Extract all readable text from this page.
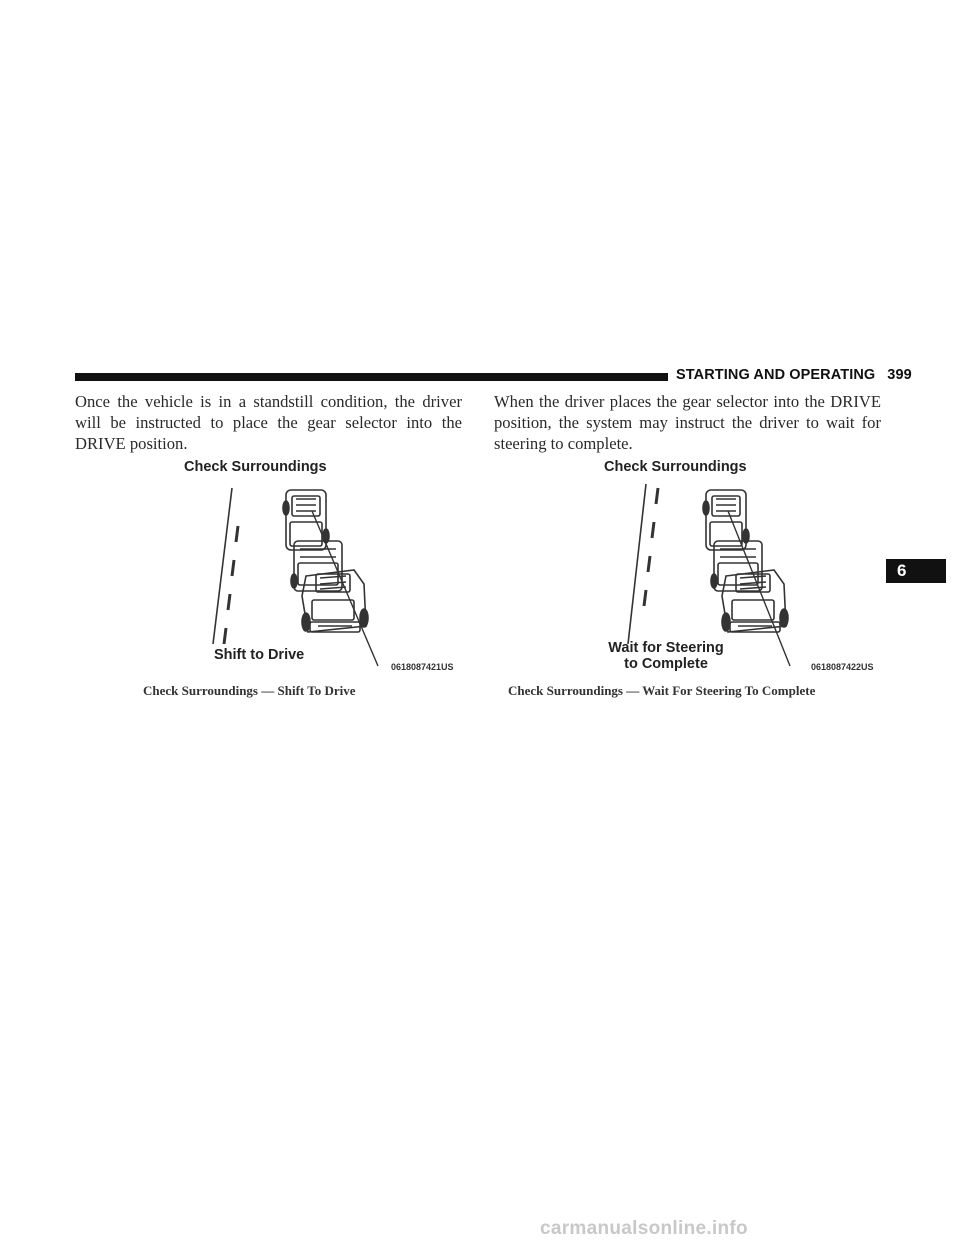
STARTING AND OPERATING 399

Once the vehicle is in a standstill condition, the driver will be instructed to place the gear selector into the DRIVE position.

When the driver places the gear selector into the DRIVE position, the system may instruct the driver to wait for steering to complete.

Check Surroundings
Shift to Drive
0618087421US
Check Surroundings
Wait for Steering
to Complete	0618087422US
Check Surroundings — Shift To Drive	Check Surroundings — Wait For Steering To Complete
6
carmanualsonline.info
